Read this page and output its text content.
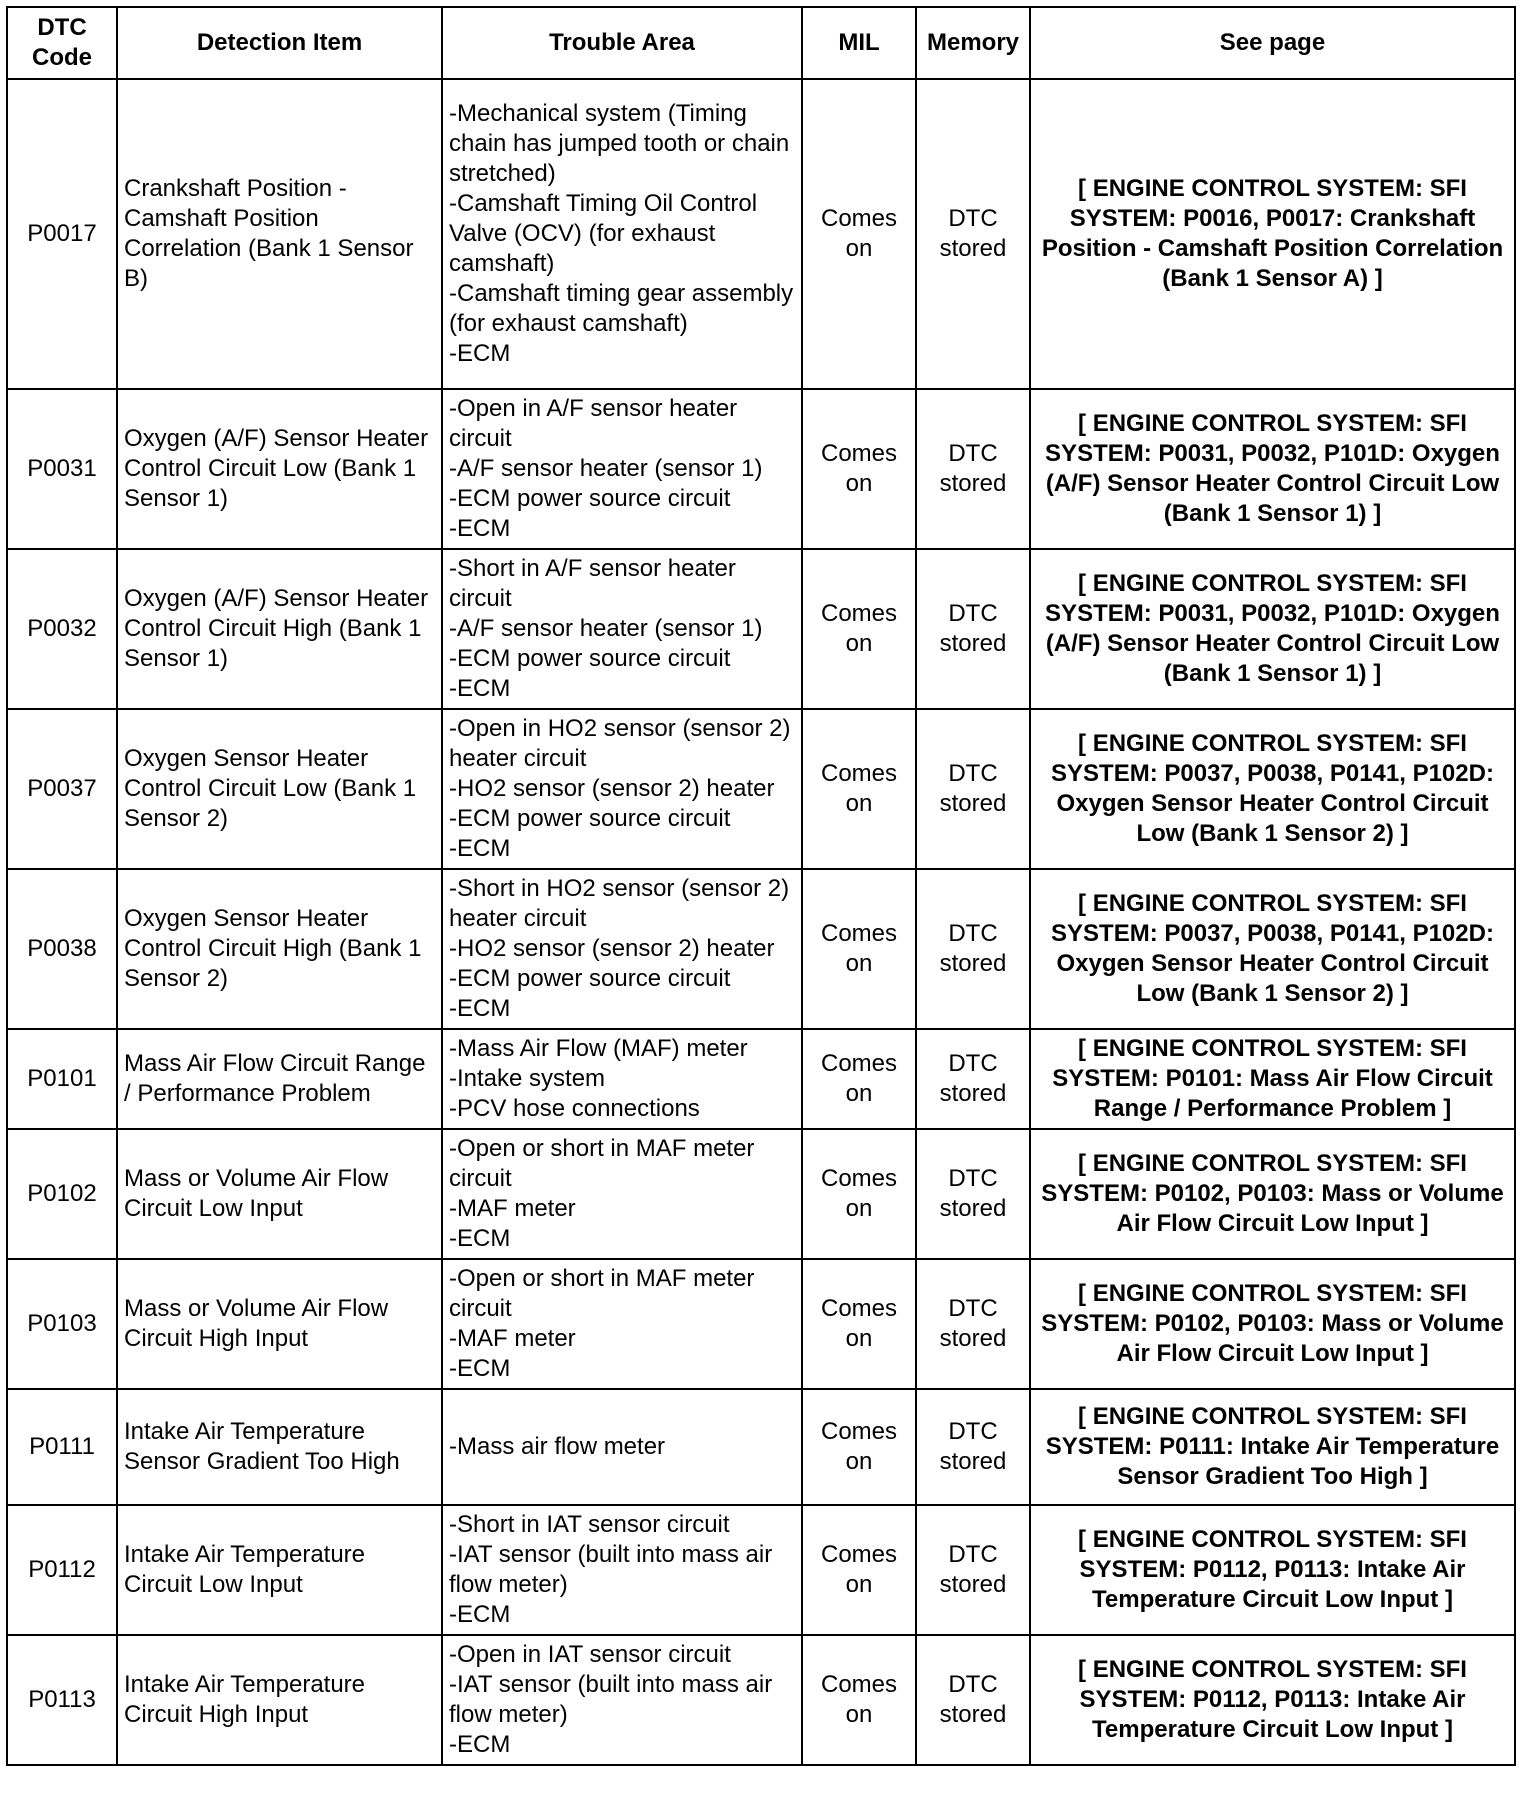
DTC Code	Detection Item	Trouble Area	MIL	Memory	See page
P0017	Crankshaft Position - Camshaft Position Correlation (Bank 1 Sensor B)	-Mechanical system (Timing chain has jumped tooth or chain stretched)
-Camshaft Timing Oil Control Valve (OCV) (for exhaust camshaft)
-Camshaft timing gear assembly (for exhaust camshaft)
-ECM	Comes on	DTC stored	[ ENGINE CONTROL SYSTEM: SFI SYSTEM: P0016, P0017: Crankshaft Position - Camshaft Position Correlation (Bank 1 Sensor A) ]
P0031	Oxygen (A/F) Sensor Heater Control Circuit Low (Bank 1 Sensor 1)	-Open in A/F sensor heater circuit
-A/F sensor heater (sensor 1)
-ECM power source circuit
-ECM	Comes on	DTC stored	[ ENGINE CONTROL SYSTEM: SFI SYSTEM: P0031, P0032, P101D: Oxygen (A/F) Sensor Heater Control Circuit Low (Bank 1 Sensor 1) ]
P0032	Oxygen (A/F) Sensor Heater Control Circuit High (Bank 1 Sensor 1)	-Short in A/F sensor heater circuit
-A/F sensor heater (sensor 1)
-ECM power source circuit
-ECM	Comes on	DTC stored	[ ENGINE CONTROL SYSTEM: SFI SYSTEM: P0031, P0032, P101D: Oxygen (A/F) Sensor Heater Control Circuit Low (Bank 1 Sensor 1) ]
P0037	Oxygen Sensor Heater Control Circuit Low (Bank 1 Sensor 2)	-Open in HO2 sensor (sensor 2) heater circuit
-HO2 sensor (sensor 2) heater
-ECM power source circuit
-ECM	Comes on	DTC stored	[ ENGINE CONTROL SYSTEM: SFI SYSTEM: P0037, P0038, P0141, P102D: Oxygen Sensor Heater Control Circuit Low (Bank 1 Sensor 2) ]
P0038	Oxygen Sensor Heater Control Circuit High (Bank 1 Sensor 2)	-Short in HO2 sensor (sensor 2) heater circuit
-HO2 sensor (sensor 2) heater
-ECM power source circuit
-ECM	Comes on	DTC stored	[ ENGINE CONTROL SYSTEM: SFI SYSTEM: P0037, P0038, P0141, P102D: Oxygen Sensor Heater Control Circuit Low (Bank 1 Sensor 2) ]
P0101	Mass Air Flow Circuit Range / Performance Problem	-Mass Air Flow (MAF) meter
-Intake system
-PCV hose connections	Comes on	DTC stored	[ ENGINE CONTROL SYSTEM: SFI SYSTEM: P0101: Mass Air Flow Circuit Range / Performance Problem ]
P0102	Mass or Volume Air Flow Circuit Low Input	-Open or short in MAF meter circuit
-MAF meter
-ECM	Comes on	DTC stored	[ ENGINE CONTROL SYSTEM: SFI SYSTEM: P0102, P0103: Mass or Volume Air Flow Circuit Low Input ]
P0103	Mass or Volume Air Flow Circuit High Input	-Open or short in MAF meter circuit
-MAF meter
-ECM	Comes on	DTC stored	[ ENGINE CONTROL SYSTEM: SFI SYSTEM: P0102, P0103: Mass or Volume Air Flow Circuit Low Input ]
P0111	Intake Air Temperature Sensor Gradient Too High	-Mass air flow meter	Comes on	DTC stored	[ ENGINE CONTROL SYSTEM: SFI SYSTEM: P0111: Intake Air Temperature Sensor Gradient Too High ]
P0112	Intake Air Temperature Circuit Low Input	-Short in IAT sensor circuit
-IAT sensor (built into mass air flow meter)
-ECM	Comes on	DTC stored	[ ENGINE CONTROL SYSTEM: SFI SYSTEM: P0112, P0113: Intake Air Temperature Circuit Low Input ]
P0113	Intake Air Temperature Circuit High Input	-Open in IAT sensor circuit
-IAT sensor (built into mass air flow meter)
-ECM	Comes on	DTC stored	[ ENGINE CONTROL SYSTEM: SFI SYSTEM: P0112, P0113: Intake Air Temperature Circuit Low Input ]
